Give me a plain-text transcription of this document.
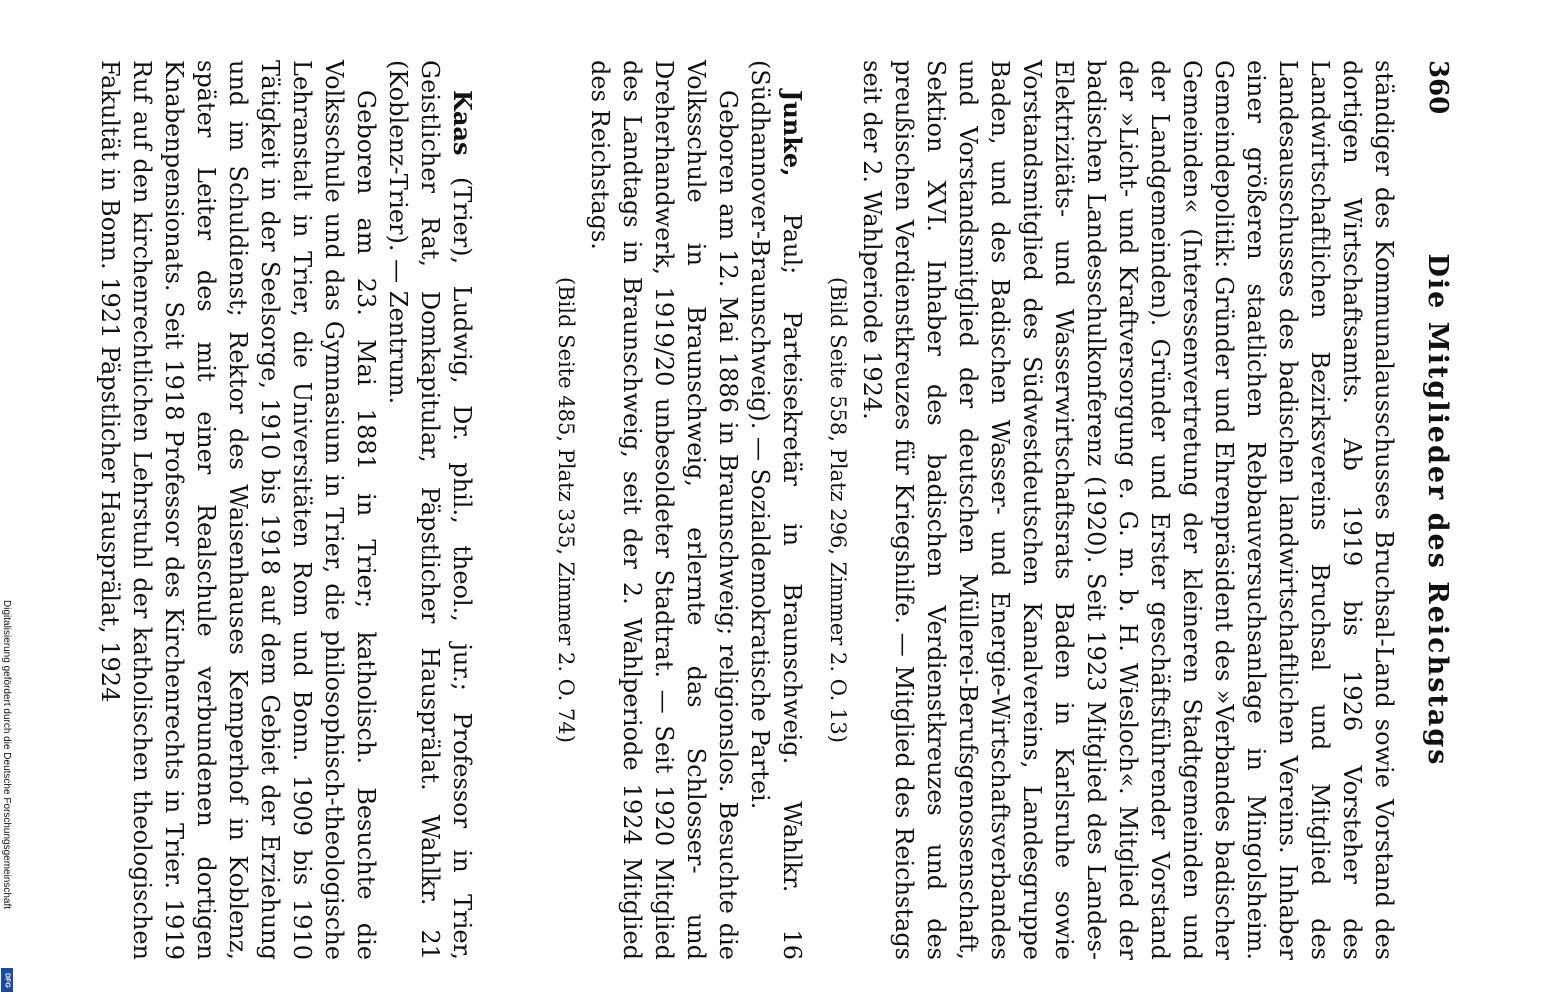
360
Die Mitglieder des Reichstags

ständiger des Kommunalausschusses Bruchsal-Land sowie Vorstand des dortigen Wirtschaftsamts. Ab 1919 bis 1926 Vorsteher des Landwirtschaftlichen Bezirksvereins Bruchsal und Mitglied des Landesausschusses des badischen landwirtschaftlichen Vereins. Inhaber einer größeren staatlichen Rebbauversuchsanlage in Mingolsheim. Gemeindepolitik: Gründer und Ehrenpräsident des »Verbandes badischer Gemeinden« (Interessenvertretung der kleineren Stadtgemeinden und der Landgemeinden). Gründer und Erster geschäftsführender Vorstand der »Licht- und Kraftversorgung e. G. m. b. H. Wiesloch«. Mitglied der badischen Landesschulkonferenz (1920). Seit 1923 Mitglied des Landes-Elektrizitäts- und Wasserwirtschaftsrats Baden in Karlsruhe sowie Vorstandsmitglied des Südwestdeutschen Kanalvereins, Landesgruppe Baden, und des Badischen Wasser- und Energie-Wirtschaftsverbandes und Vorstandsmitglied der deutschen Müllerei-Berufsgenossenschaft, Sektion XVI. Inhaber des badischen Verdienstkreuzes und des preußischen Verdienstkreuzes für Kriegshilfe. — Mitglied des Reichstags seit der 2. Wahlperiode 1924.

(Bild Seite 558, Platz 296, Zimmer 2. O. 13)

Junke, Paul; Parteisekretär in Braunschweig. Wahlkr. 16 (Südhannover-Braunschweig). — Sozialdemokratische Partei.

Geboren am 12. Mai 1886 in Braunschweig; religionslos. Besuchte die Volksschule in Braunschweig, erlernte das Schlosser- und Dreherhandwerk, 1919/20 unbesoldeter Stadtrat. — Seit 1920 Mitglied des Landtags in Braunschweig, seit der 2. Wahlperiode 1924 Mitglied des Reichstags.

(Bild Seite 485, Platz 335, Zimmer 2. O. 74)

Kaas (Trier), Ludwig, Dr. phil., theol., jur.; Professor in Trier, Geistlicher Rat, Domkapitular, Päpstlicher Hausprälat. Wahlkr. 21 (Koblenz-Trier). — Zentrum.

Geboren am 23. Mai 1881 in Trier; katholisch. Besuchte die Volksschule und das Gymnasium in Trier, die philosophisch-theologische Lehranstalt in Trier, die Universitäten Rom und Bonn. 1909 bis 1910 Tätigkeit in der Seelsorge, 1910 bis 1918 auf dem Gebiet der Erziehung und im Schuldienst; Rektor des Waisenhauses Kemperhof in Koblenz, später Leiter des mit einer Realschule verbundenen dortigen Knabenpensionats. Seit 1918 Professor des Kirchenrechts in Trier. 1919 Ruf auf den kirchenrechtlichen Lehrstuhl der katholischen theologischen Fakultät in Bonn. 1921 Päpstlicher Hausprälat, 1924

Digitalisierung gefördert durch die Deutsche Forschungsgemeinschaft
DFG
